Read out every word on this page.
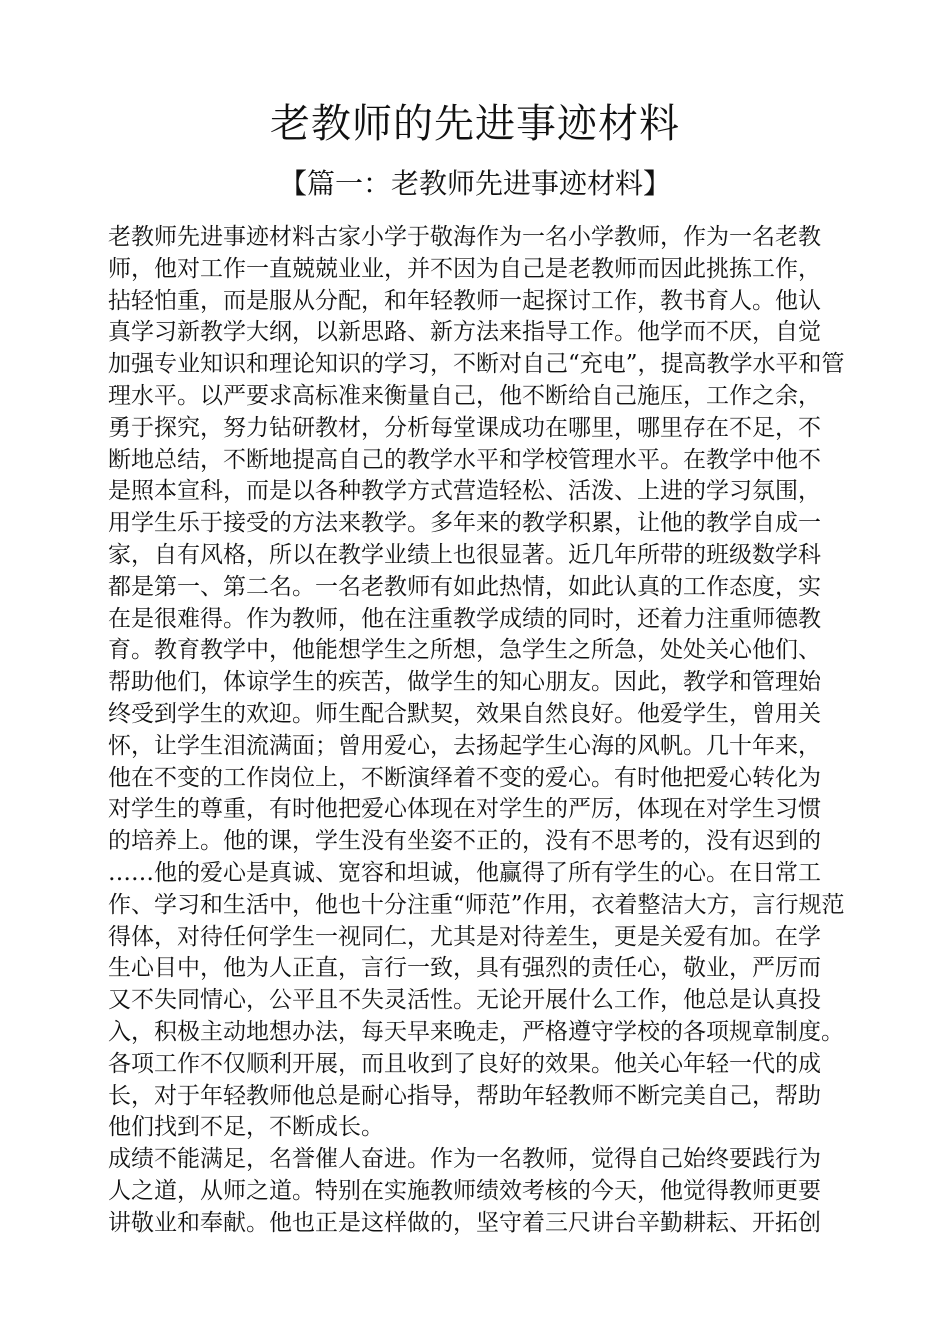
老教师的先进事迹材料
【篇一：老教师先进事迹材料】
老教师先进事迹材料古家小学于敬海作为一名小学教师，作为一名老教
师，他对工作一直兢兢业业，并不因为自己是老教师而因此挑拣工作，
拈轻怕重，而是服从分配，和年轻教师一起探讨工作，教书育人。他认
真学习新教学大纲，以新思路、新方法来指导工作。他学而不厌，自觉
加强专业知识和理论知识的学习，不断对自己“充电”，提高教学水平和管
理水平。以严要求高标准来衡量自己，他不断给自己施压，工作之余，
勇于探究，努力钻研教材，分析每堂课成功在哪里，哪里存在不足，不
断地总结，不断地提高自己的教学水平和学校管理水平。在教学中他不
是照本宣科，而是以各种教学方式营造轻松、活泼、上进的学习氛围，
用学生乐于接受的方法来教学。多年来的教学积累，让他的教学自成一
家，自有风格，所以在教学业绩上也很显著。近几年所带的班级数学科
都是第一、第二名。一名老教师有如此热情，如此认真的工作态度，实
在是很难得。作为教师，他在注重教学成绩的同时，还着力注重师德教
育。教育教学中，他能想学生之所想，急学生之所急，处处关心他们、
帮助他们，体谅学生的疾苦，做学生的知心朋友。因此，教学和管理始
终受到学生的欢迎。师生配合默契，效果自然良好。他爱学生，曾用关
怀，让学生泪流满面；曾用爱心，去扬起学生心海的风帆。几十年来，
他在不变的工作岗位上，不断演绎着不变的爱心。有时他把爱心转化为
对学生的尊重，有时他把爱心体现在对学生的严厉，体现在对学生习惯
的培养上。他的课，学生没有坐姿不正的，没有不思考的，没有迟到的
……他的爱心是真诚、宽容和坦诚，他赢得了所有学生的心。在日常工
作、学习和生活中，他也十分注重“师范”作用，衣着整洁大方，言行规范
得体，对待任何学生一视同仁，尤其是对待差生，更是关爱有加。在学
生心目中，他为人正直，言行一致，具有强烈的责任心，敬业，严厉而
又不失同情心，公平且不失灵活性。无论开展什么工作，他总是认真投
入，积极主动地想办法，每天早来晚走，严格遵守学校的各项规章制度。
各项工作不仅顺利开展，而且收到了良好的效果。他关心年轻一代的成
长，对于年轻教师他总是耐心指导，帮助年轻教师不断完美自己，帮助
他们找到不足，不断成长。
成绩不能满足，名誉催人奋进。作为一名教师，觉得自己始终要践行为
人之道，从师之道。特别在实施教师绩效考核的今天，他觉得教师更要
讲敬业和奉献。他也正是这样做的，坚守着三尺讲台辛勤耕耘、开拓创
